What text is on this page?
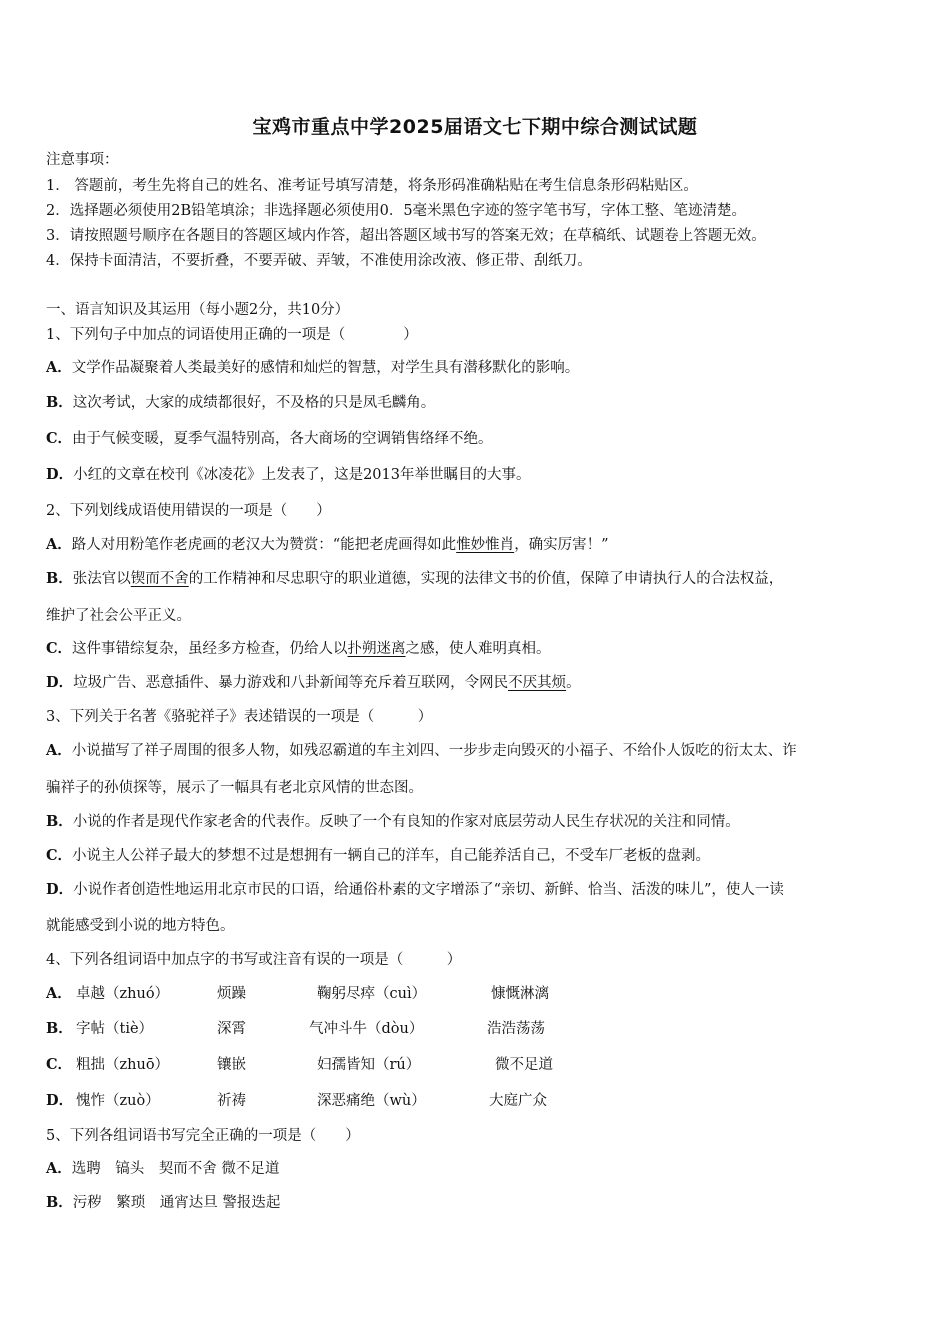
宝鸡市重点中学2025届语文七下期中综合测试试题
注意事项：
1． 答题前，考生先将自己的姓名、准考证号填写清楚，将条形码准确粘贴在考生信息条形码粘贴区。
2．选择题必须使用2B铅笔填涂；非选择题必须使用0．5毫米黑色字迹的签字笔书写，字体工整、笔迹清楚。
3．请按照题号顺序在各题目的答题区域内作答，超出答题区域书写的答案无效；在草稿纸、试题卷上答题无效。
4．保持卡面清洁，不要折叠，不要弄破、弄皱，不准使用涂改液、修正带、刮纸刀。
一、语言知识及其运用（每小题2分，共10分）
1、下列句子中加点的词语使用正确的一项是（　　　　）
A．文学作品凝聚着人类最美好的感情和灿烂的智慧，对学生具有潜移默化的影响。
B．这次考试，大家的成绩都很好，不及格的只是凤毛麟角。
C．由于气候变暖，夏季气温特别高，各大商场的空调销售络绎不绝。
D．小红的文章在校刊《冰凌花》上发表了，这是2013年举世瞩目的大事。
2、下列划线成语使用错误的一项是（　　）
A．路人对用粉笔作老虎画的老汉大为赞赏：“能把老虎画得如此惟妙惟肖，确实厉害！”
B．张法官以锲而不舍的工作精神和尽忠职守的职业道德，实现的法律文书的价值，保障了申请执行人的合法权益，
维护了社会公平正义。
C．这件事错综复杂，虽经多方检查，仍给人以扑朔迷离之感，使人难明真相。
D．垃圾广告、恶意插件、暴力游戏和八卦新闻等充斥着互联网，令网民不厌其烦。
3、下列关于名著《骆驼祥子》表述错误的一项是（　　　）
A．小说描写了祥子周围的很多人物，如残忍霸道的车主刘四、一步步走向毁灭的小福子、不给仆人饭吃的衍太太、诈
骗祥子的孙侦探等，展示了一幅具有老北京风情的世态图。
B．小说的作者是现代作家老舍的代表作。反映了一个有良知的作家对底层劳动人民生存状况的关注和同情。
C．小说主人公祥子最大的梦想不过是想拥有一辆自己的洋车，自己能养活自己，不受车厂老板的盘剥。
D．小说作者创造性地运用北京市民的口语，给通俗朴素的文字增添了“亲切、新鲜、恰当、活泼的味儿”，使人一读
就能感受到小说的地方特色。
4、下列各组词语中加点字的书写或注音有误的一项是（　　　）
A． 卓越（zhuó）	烦躁	鞠躬尽瘁（cuì）	慷慨淋漓
B． 字帖（tiè）	深霄	气冲斗牛（dòu）	浩浩荡荡
C． 粗拙（zhuō）	镶嵌	妇孺皆知（rú）	微不足道
D． 愧怍（zuò）	祈祷	深恶痛绝（wù）	大庭广众
5、下列各组词语书写完全正确的一项是（　　）
A．选聘　镐头　契而不舍 微不足道
B．污秽　繁琐　通宵达旦 警报迭起
